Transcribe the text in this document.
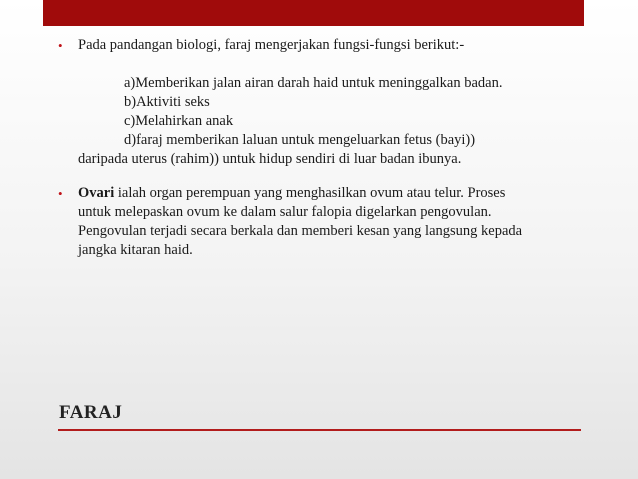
• Pada pandangan biologi, faraj mengerjakan fungsi-fungsi berikut:-
a)Memberikan jalan airan darah haid untuk meninggalkan badan.
b)Aktiviti seks
c)Melahirkan anak
d)faraj memberikan laluan untuk mengeluarkan fetus (bayi))
daripada uterus (rahim)) untuk hidup sendiri di luar badan ibunya.
• Ovari ialah organ perempuan yang menghasilkan ovum atau telur. Proses
untuk melepaskan ovum ke dalam salur falopia digelarkan pengovulan.
Pengovulan terjadi secara berkala dan memberi kesan yang langsung kepada
jangka kitaran haid.
FARAJ
